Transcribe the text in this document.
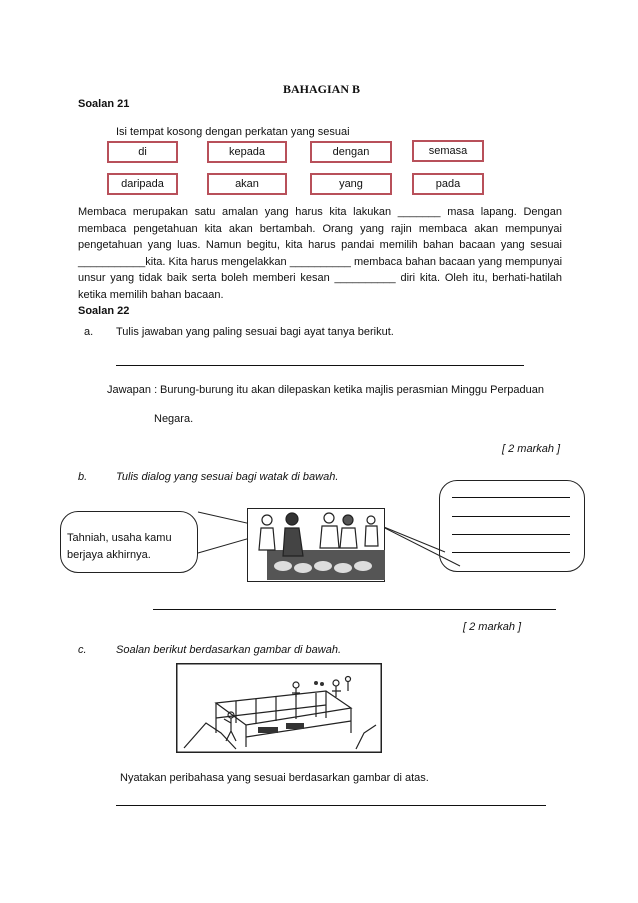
BAHAGIAN B
Soalan 21
Isi tempat kosong dengan perkatan yang sesuai
di	kepada	dengan	semasa
daripada	akan	yang	pada
Membaca merupakan satu amalan yang harus kita lakukan _______ masa lapang. Dengan membaca pengetahuan kita akan bertambah. Orang yang rajin membaca akan mempunyai pengetahuan yang luas. Namun begitu, kita harus pandai memilih bahan bacaan yang sesuai ___________kita. Kita harus mengelakkan __________ membaca bahan bacaan yang mempunyai unsur yang tidak baik serta boleh memberi kesan __________ diri kita. Oleh itu, berhati-hatilah ketika memilih bahan bacaan.
Soalan 22
a. Tulis jawaban yang paling sesuai bagi ayat tanya berikut.
Jawapan : Burung-burung itu akan dilepaskan ketika majlis perasmian Minggu Perpaduan
Negara.
[ 2 markah ]
b.	Tulis dialog yang sesuai bagi watak di bawah.
Tahniah, usaha kamu berjaya akhirnya.
[ 2 markah ]
c.	Soalan berikut berdasarkan gambar di bawah.
Nyatakan peribahasa yang sesuai berdasarkan gambar di atas.
